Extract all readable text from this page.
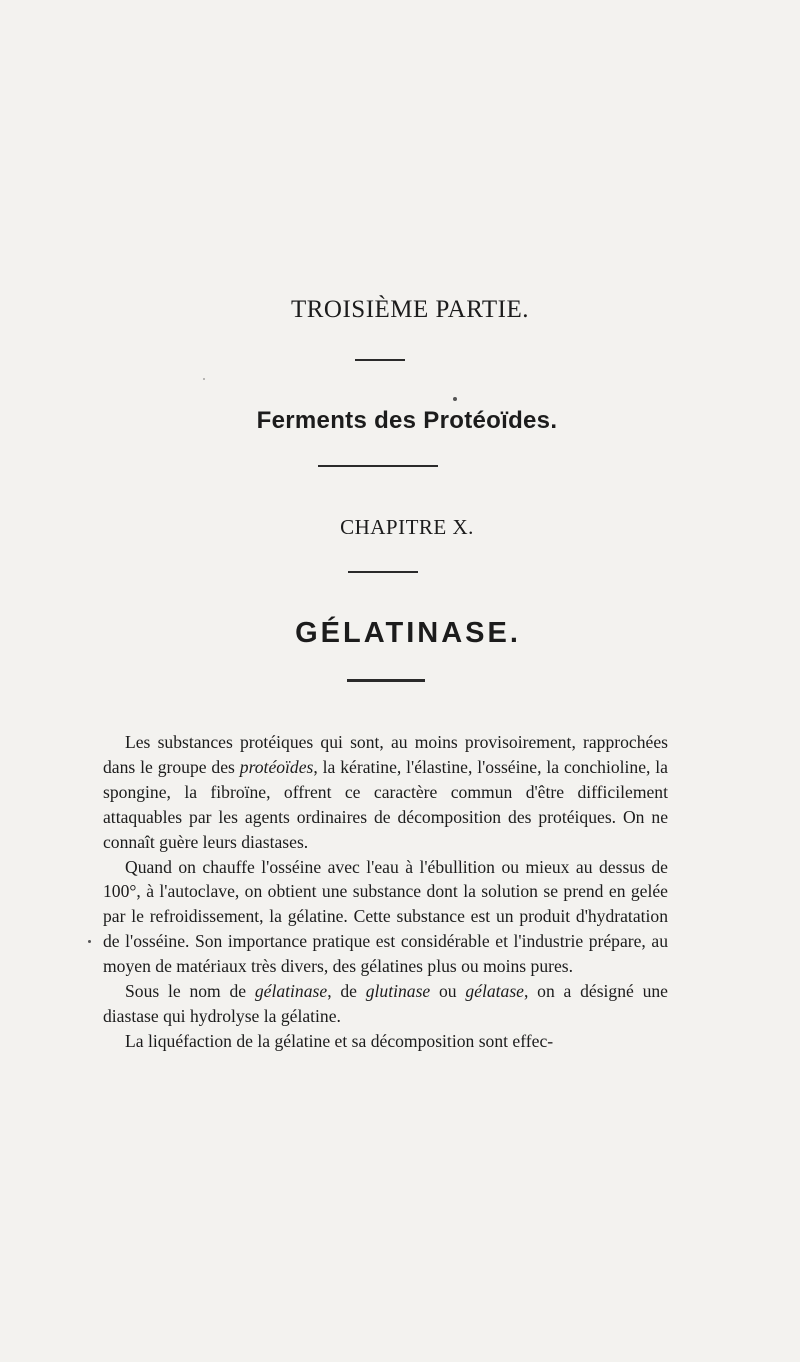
TROISIÈME PARTIE.
Ferments des Protéoïdes.
CHAPITRE X.
GÉLATINASE.

Les substances protéiques qui sont, au moins provisoirement, rapprochées dans le groupe des protéoïdes, la kératine, l'élastine, l'osséine, la conchioline, la spongine, la fibroïne, offrent ce caractère commun d'être difficilement attaquables par les agents ordinaires de décomposition des protéiques. On ne connaît guère leurs diastases.

Quand on chauffe l'osséine avec l'eau à l'ébullition ou mieux au dessus de 100°, à l'autoclave, on obtient une substance dont la solution se prend en gelée par le refroidissement, la gélatine. Cette substance est un produit d'hydratation de l'osséine. Son importance pratique est considérable et l'industrie prépare, au moyen de matériaux très divers, des gélatines plus ou moins pures.

Sous le nom de gélatinase, de glutinase ou gélatase, on a désigné une diastase qui hydrolyse la gélatine.

La liquéfaction de la gélatine et sa décomposition sont effec-
